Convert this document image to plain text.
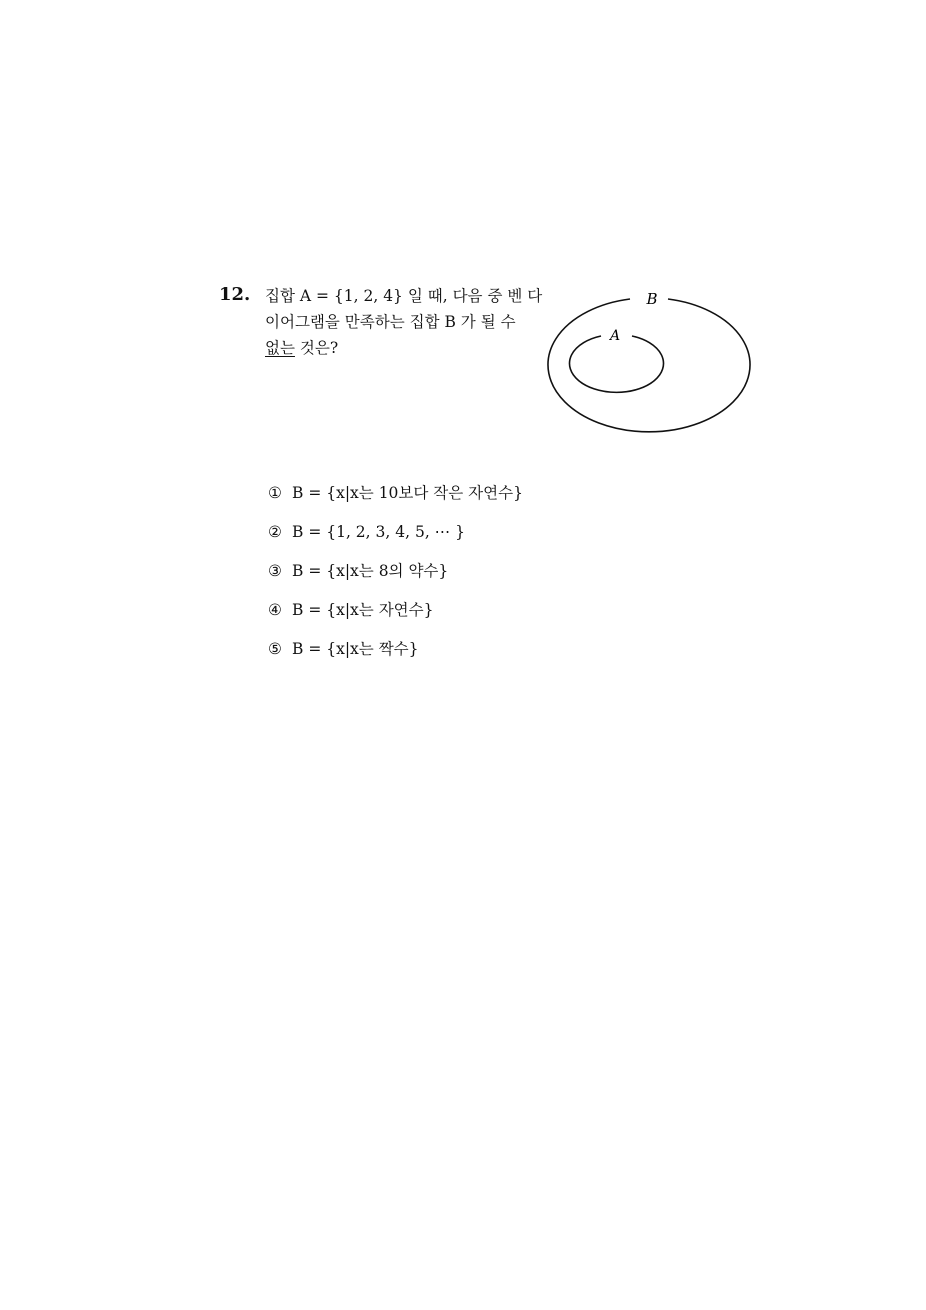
12. 집합 A = {1, 2, 4} 일 때, 다음 중 벤 다
이어그램을 만족하는 집합 B 가 될 수
없는 것은?
B
A
① B = {x|x는 10보다 작은 자연수}
② B = {1, 2, 3, 4, 5, ⋯ }
③ B = {x|x는 8의 약수}
④ B = {x|x는 자연수}
⑤ B = {x|x는 짝수}
